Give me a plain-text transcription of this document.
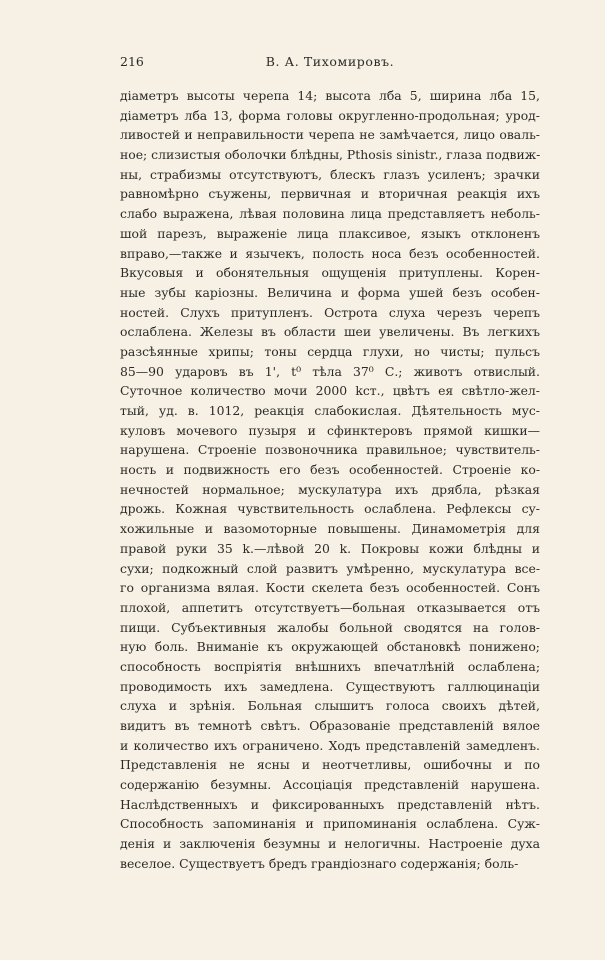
216	В. А. Тихомировъ.
діаметръ высоты черепа 14; высота лба 5, ширина лба 15,
діаметръ лба 13, форма головы округленно-продольная; урод-
ливостей и неправильности черепа не замѣчается, лицо оваль-
ное; слизистыя оболочки блѣдны, Pthosis sinistr., глаза подвиж-
ны, страбизмы отсутствуютъ, блескъ глазъ усиленъ; зрачки
равномѣрно съужены, первичная и вторичная реакція ихъ
слабо выражена, лѣвая половина лица представляетъ неболь-
шой парезъ, выраженіе лица плаксивое, языкъ отклоненъ
вправо,—также и язычекъ, полость носа безъ особенностей.
Вкусовыя и обонятельныя ощущенія притуплены. Корен-
ные зубы каріозны. Величина и форма ушей безъ особен-
ностей. Слухъ притупленъ. Острота слуха черезъ черепъ
ослаблена. Железы въ области шеи увеличены. Въ легкихъ
разсѣянные хрипы; тоны сердца глухи, но чисты; пульсъ
85—90 ударовъ въ 1', t⁰ тѣла 37⁰ С.; животъ отвислый.
Суточное количество мочи 2000 kст., цвѣтъ ея свѣтло-жел-
тый, уд. в. 1012, реакція слабокислая. Дѣятельность мус-
куловъ мочевого пузыря и сфинктеровъ прямой кишки—
нарушена. Строеніе позвоночника правильное; чувствитель-
ность и подвижность его безъ особенностей. Строеніе ко-
нечностей нормальное; мускулатура ихъ дрябла, рѣзкая
дрожь. Кожная чувствительность ослаблена. Рефлексы су-
хожильные и вазомоторные повышены. Динамометрія для
правой руки 35 k.—лѣвой 20 k. Покровы кожи блѣдны и
сухи; подкожный слой развитъ умѣренно, мускулатура все-
го организма вялая. Кости скелета безъ особенностей. Сонъ
плохой, аппетитъ отсутствуетъ—больная отказывается отъ
пищи. Субъективныя жалобы больной сводятся на голов-
ную боль. Вниманіе къ окружающей обстановкѣ понижено;
способность воспріятія внѣшнихъ впечатлѣній ослаблена;
проводимость ихъ замедлена. Существуютъ галлюцинаціи
слуха и зрѣнія. Больная слышитъ голоса своихъ дѣтей,
видитъ въ темнотѣ свѣтъ. Образованіе представленій вялое
и количество ихъ ограничено. Ходъ представленій замедленъ.
Представленія не ясны и неотчетливы, ошибочны и по
содержанію безумны. Ассоціація представленій нарушена.
Наслѣдственныхъ и фиксированныхъ представленій нѣтъ.
Способность запоминанія и припоминанія ослаблена. Суж-
денія и заключенія безумны и нелогичны. Настроеніе духа
веселое. Существуетъ бредъ грандіознаго содержанія; боль-
